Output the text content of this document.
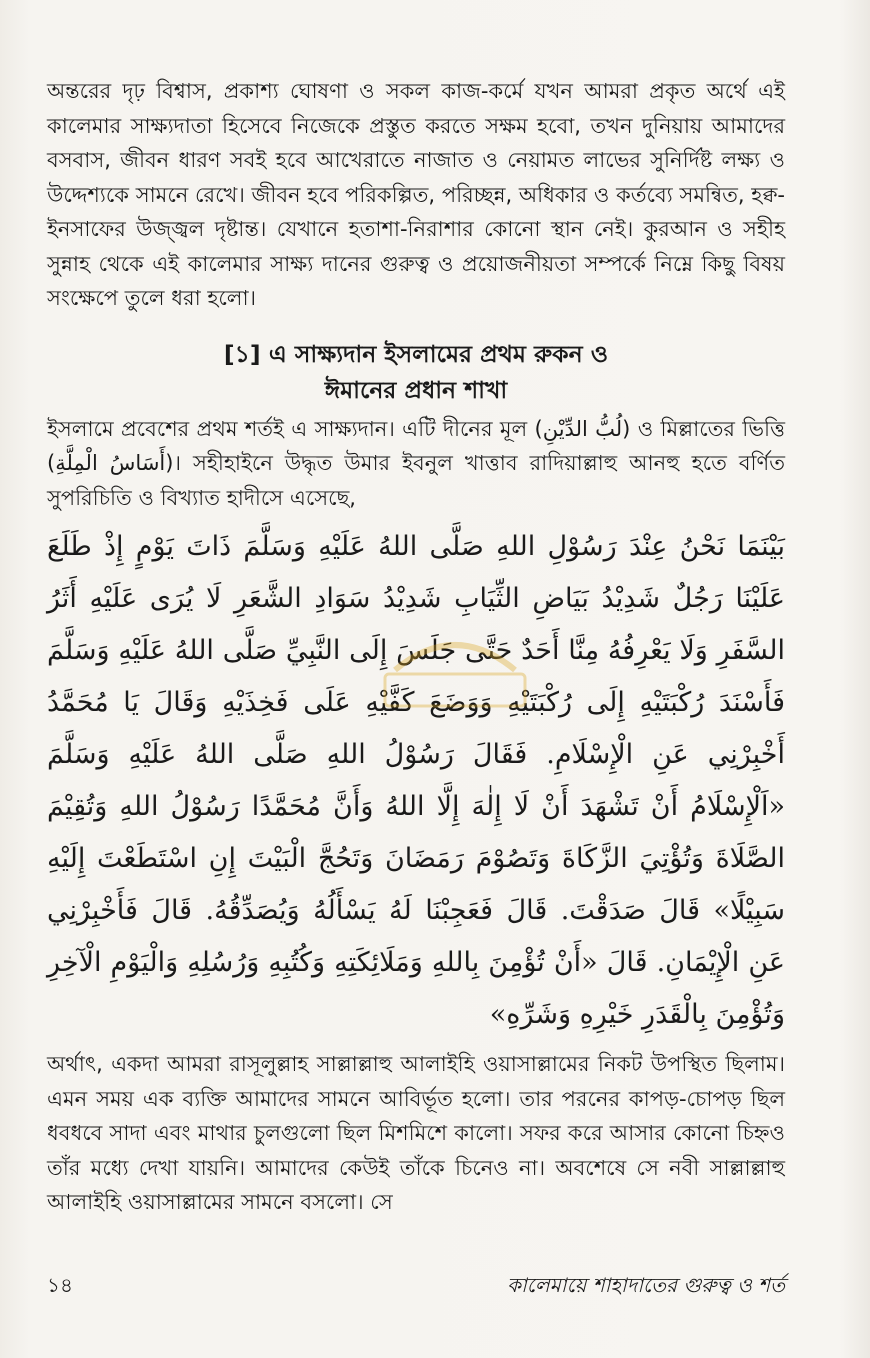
অন্তরের দৃঢ় বিশ্বাস, প্রকাশ্য ঘোষণা ও সকল কাজ-কর্মে যখন আমরা প্রকৃত অর্থে এই কালেমার সাক্ষ্যদাতা হিসেবে নিজেকে প্রস্তুত করতে সক্ষম হবো, তখন দুনিয়ায় আমাদের বসবাস, জীবন ধারণ সবই হবে আখেরাতে নাজাত ও নেয়ামত লাভের সুনির্দিষ্ট লক্ষ্য ও উদ্দেশ্যকে সামনে রেখে। জীবন হবে পরিকল্পিত, পরিচ্ছন্ন, অধিকার ও কর্তব্যে সমন্বিত, হক্ব-ইনসাফের উজ্জ্বল দৃষ্টান্ত। যেখানে হতাশা-নিরাশার কোনো স্থান নেই। কুরআন ও সহীহ সুন্নাহ থেকে এই কালেমার সাক্ষ্য দানের গুরুত্ব ও প্রয়োজনীয়তা সম্পর্কে নিম্নে কিছু বিষয় সংক্ষেপে তুলে ধরা হলো।

[১] এ সাক্ষ্যদান ইসলামের প্রথম রুকন ও
ঈমানের প্রধান শাখা

ইসলামে প্রবেশের প্রথম শর্তই এ সাক্ষ্যদান। এটি দীনের মূল (لُبُّ الدِّيْنِ) ও মিল্লাতের ভিত্তি (أَسَاسُ الْمِلَّةِ)। সহীহাইনে উদ্ধৃত উমার ইবনুল খাত্তাব রাদিয়াল্লাহু আনহু হতে বর্ণিত সুপরিচিতি ও বিখ্যাত হাদীসে এসেছে,

بَيْنَمَا نَحْنُ عِنْدَ رَسُوْلِ اللهِ صَلَّى اللهُ عَلَيْهِ وَسَلَّمَ ذَاتَ يَوْمٍ إِذْ طَلَعَ عَلَيْنَا رَجُلٌ شَدِيْدُ بَيَاضِ الثِّيَابِ شَدِيْدُ سَوَادِ الشَّعَرِ لَا يُرَى عَلَيْهِ أَثَرُ السَّفَرِ وَلَا يَعْرِفُهُ مِنَّا أَحَدٌ حَتَّى جَلَسَ إِلَى النَّبِيِّ صَلَّى اللهُ عَلَيْهِ وَسَلَّمَ فَأَسْنَدَ رُكْبَتَيْهِ إِلَى رُكْبَتَيْهِ وَوَضَعَ كَفَّيْهِ عَلَى فَخِذَيْهِ وَقَالَ يَا مُحَمَّدُ أَخْبِرْنِي عَنِ الْإِسْلَامِ. فَقَالَ رَسُوْلُ اللهِ صَلَّى اللهُ عَلَيْهِ وَسَلَّمَ «اَلْإِسْلَامُ أَنْ تَشْهَدَ أَنْ لَا إِلٰهَ إِلَّا اللهُ وَأَنَّ مُحَمَّدًا رَسُوْلُ اللهِ وَتُقِيْمَ الصَّلَاةَ وَتُؤْتِيَ الزَّكَاةَ وَتَصُوْمَ رَمَضَانَ وَتَحُجَّ الْبَيْتَ إِنِ اسْتَطَعْتَ إِلَيْهِ سَبِيْلًا» قَالَ صَدَقْتَ. قَالَ فَعَجِبْنَا لَهُ يَسْأَلُهُ وَيُصَدِّقُهُ. قَالَ فَأَخْبِرْنِي عَنِ الْإِيْمَانِ. قَالَ «أَنْ تُؤْمِنَ بِاللهِ وَمَلَائِكَتِهِ وَكُتُبِهِ وَرُسُلِهِ وَالْيَوْمِ الْآخِرِ وَتُؤْمِنَ بِالْقَدَرِ خَيْرِهِ وَشَرِّهِ»

অর্থাৎ, একদা আমরা রাসূলুল্লাহ সাল্লাল্লাহু আলাইহি ওয়াসাল্লামের নিকট উপস্থিত ছিলাম। এমন সময় এক ব্যক্তি আমাদের সামনে আবির্ভূত হলো। তার পরনের কাপড়-চোপড় ছিল ধবধবে সাদা এবং মাথার চুলগুলো ছিল মিশমিশে কালো। সফর করে আসার কোনো চিহ্নও তাঁর মধ্যে দেখা যায়নি। আমাদের কেউই তাঁকে চিনেও না। অবশেষে সে নবী সাল্লাল্লাহু আলাইহি ওয়াসাল্লামের সামনে বসলো। সে

১৪	কালেমায়ে শাহাদাতের গুরুত্ব ও শর্ত
